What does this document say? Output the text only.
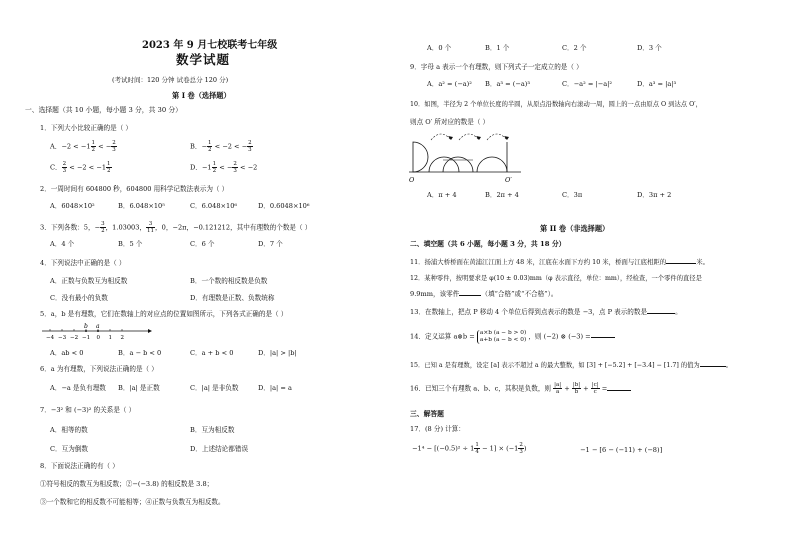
2023 年 9 月七校联考七年级
数学试题
(考试时间：120 分钟 试卷总分 120 分)
第 I 卷（选择题）
一、选择题（共 10 小题，每小题 3 分，共 30 分）
1．下列大小比较正确的是（ ）
A．$-2 < -1 \frac{1}{2}$ < − $\frac{2}{3}$	B．− $\frac{1}{2} < -2$ < − $\frac{2}{3}$
C． $\frac{2}{3} < -2 < -1 \frac{1}{2}$	D．$-1 \frac{1}{2}$ < − $\frac{2}{3} < -2$
2．一周时间有 604800 秒，604800 用科学记数法表示为（ ）
A．6048×10²	B．6.048×10⁵	C．6.048×10⁶	D．0.6048×10⁶
3．下列各数：5，− $\frac{3}{2}$ ，1.03003， $\frac{3}{11}$ ，0，−2π，−0.121212，其中有理数的个数是（ ）
A．4 个	B．5 个	C．6 个	D．7 个
4．下列说法中正确的是（ ）
A．正数与负数互为相反数	B．一个数的相反数是负数
C．没有最小的负数	D．有理数是正数、负数统称
5．a，b 是有理数，它们在数轴上的对应点的位置如图所示，下列各式正确的是（ ）
−4 −3 −2 −1 0 1 2
b a
A．ab < 0	B．a − b < 0	C．a + b < 0	D．|a| > |b|
6．a 为有理数，下列说法正确的是（ ）
A．−a 是负有理数 B．|a| 是正数	C．|a| 是非负数	D．|a| = a
7．−3² 和 (−3)² 的关系是（ ）
A．相等的数	B．互为相反数
C．互为倒数	D．上述结论都错误
8．下面说法正确的有（ ）
①符号相反的数互为相反数；②−(−3.8) 的相反数是 3.8；
③一个数和它的相反数不可能相等；④正数与负数互为相反数。
A．0 个	B．1 个	C．2 个	D．3 个
9．字母 a 表示一个有理数，则下列式子一定成立的是（ ）
A．a² = (−a)² B．a³ = (−a)³	C．−a² = |−a|²	D．a³ = |a|³
10．如图，半径为 2 个单位长度的半圆，从原点沿数轴向右滚动一周，圆上的一点由原点 O 到达点 O′，
则点 O′ 所对应的数是（ ）
O	O′
A．π + 4	B．2π + 4	C．3π	D．3π + 2
第 II 卷（非选择题）
二、填空题（共 6 小题，每小题 3 分，共 18 分）
11．扬浦大桥桥面在黄浦江江面上方 48 米，江底在水面下方约 10 米，桥面与江底相距的	米。
12．某种零件，按明要求是 φ(10 ± 0.03)mm（φ 表示直径，单位：mm），经检查，一个零件的直径是
9.9mm，该零件	（填“合格”或“不合格”）。
13．在数轴上，把点 P 移动 4 个单位后得到点表示的数是 −3，点 P 表示的数是	。
14．定义运算 a⊗b = a×b (a − b > 0)
a+b (a − b < 0) ，则 (−2) ⊗ (−3) =
15．已知 a 是有理数，设定 [a] 表示不超过 a 的最大整数，如 [3] + [−5.2] + [−3.4] − [1.7] 的值为	。
16．已知三个有理数 a、b、c，其积是负数，则 $\frac{|a|}{a} + \frac{|b|}{b} + \frac{|c|}{c}$ =
三、解答题
17．(8 分) 计算：
$-1^4 - [(-0.5)^2 \div 1 \frac{1}{4} - 1] \times (-1 \frac{2}{3}$ )	−1 − [6 − (−11) + (−8)]
